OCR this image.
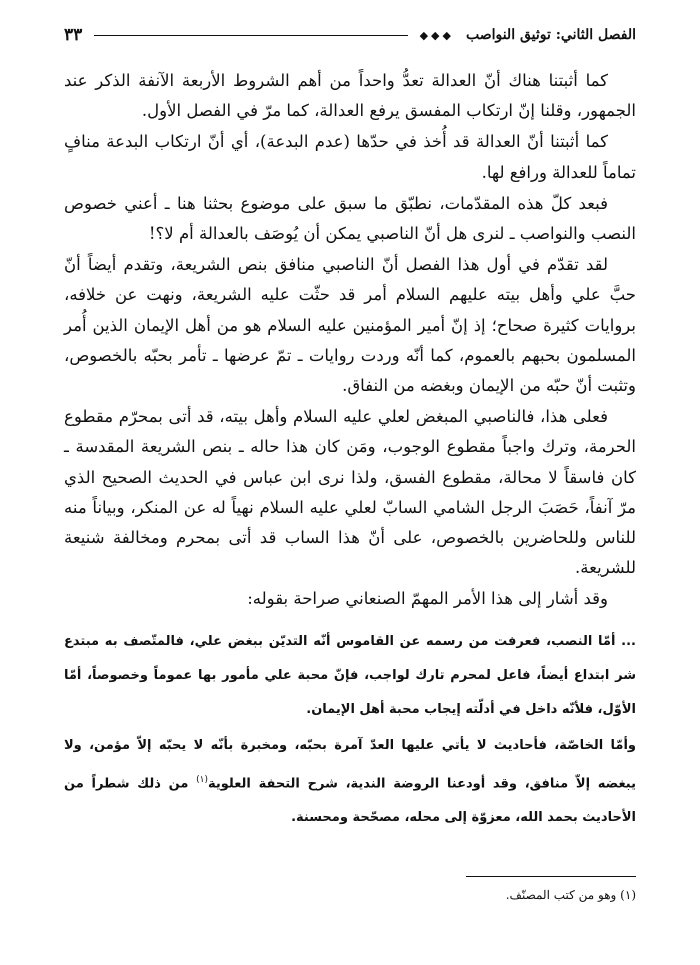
الفصل الثاني: توثيق النواصب
◆◆◆
٣٣

كما أثبتنا هناك أنّ العدالة تعدُّ واحداً من أهم الشروط الأربعة الآنفة الذكر عند الجمهور، وقلنا إنّ ارتكاب المفسق يرفع العدالة، كما مرّ في الفصل الأول.

كما أثبتنا أنّ العدالة قد أُخذ في حدّها (عدم البدعة)، أي أنّ ارتكاب البدعة منافٍ تماماً للعدالة ورافع لها.

فبعد كلّ هذه المقدّمات، نطبّق ما سبق على موضوع بحثنا هنا ـ أعني خصوص النصب والنواصب ـ لنرى هل أنّ الناصبي يمكن أن يُوصَف بالعدالة أم لا؟!

لقد تقدّم في أول هذا الفصل أنّ الناصبي منافق بنص الشريعة، وتقدم أيضاً أنّ حبَّ علي وأهل بيته عليهم السلام أمر قد حثّت عليه الشريعة، ونهت عن خلافه، بروايات كثيرة صحاح؛ إذ إنّ أمير المؤمنين عليه السلام هو من أهل الإيمان الذين أُمر المسلمون بحبهم بالعموم، كما أنّه وردت روايات ـ تمّ عرضها ـ تأمر بحبّه بالخصوص، وتثبت أنّ حبّه من الإيمان وبغضه من النفاق.

فعلى هذا، فالناصبي المبغض لعلي عليه السلام وأهل بيته، قد أتى بمحرّم مقطوع الحرمة، وترك واجباً مقطوع الوجوب، ومَن كان هذا حاله ـ بنص الشريعة المقدسة ـ كان فاسقاً لا محالة، مقطوع الفسق، ولذا نرى ابن عباس في الحديث الصحيح الذي مرّ آنفاً، حَصَبَ الرجل الشامي السابّ لعلي عليه السلام نهياً له عن المنكر، وبياناً منه للناس وللحاضرين بالخصوص، على أنّ هذا الساب قد أتى بمحرم ومخالفة شنيعة للشريعة.

وقد أشار إلى هذا الأمر المهمّ الصنعاني صراحة بقوله:

... أمّا النصب، فعرفت من رسمه عن القاموس أنّه التديّن ببغض علي، فالمتّصف به مبتدع شر ابتداع أيضاً، فاعل لمحرم تارك لواجب، فإنّ محبة علي مأمور بها عموماً وخصوصاً، أمّا الأوّل، فلأنّه داخل في أدلّته إيجاب محبة أهل الإيمان.

وأمّا الخاصّة، فأحاديث لا يأتي عليها العدّ آمرة بحبّه، ومخبرة بأنّه لا يحبّه إلاّ مؤمن، ولا يبغضه إلاّ منافق، وقد أودعنا الروضة الندية، شرح التحفة العلوية$^{(١)}$ من ذلك شطراً من الأحاديث بحمد الله، معزوّة إلى محله، مصحّحة ومحسنة.

(١) وهو من كتب المصنّف.
